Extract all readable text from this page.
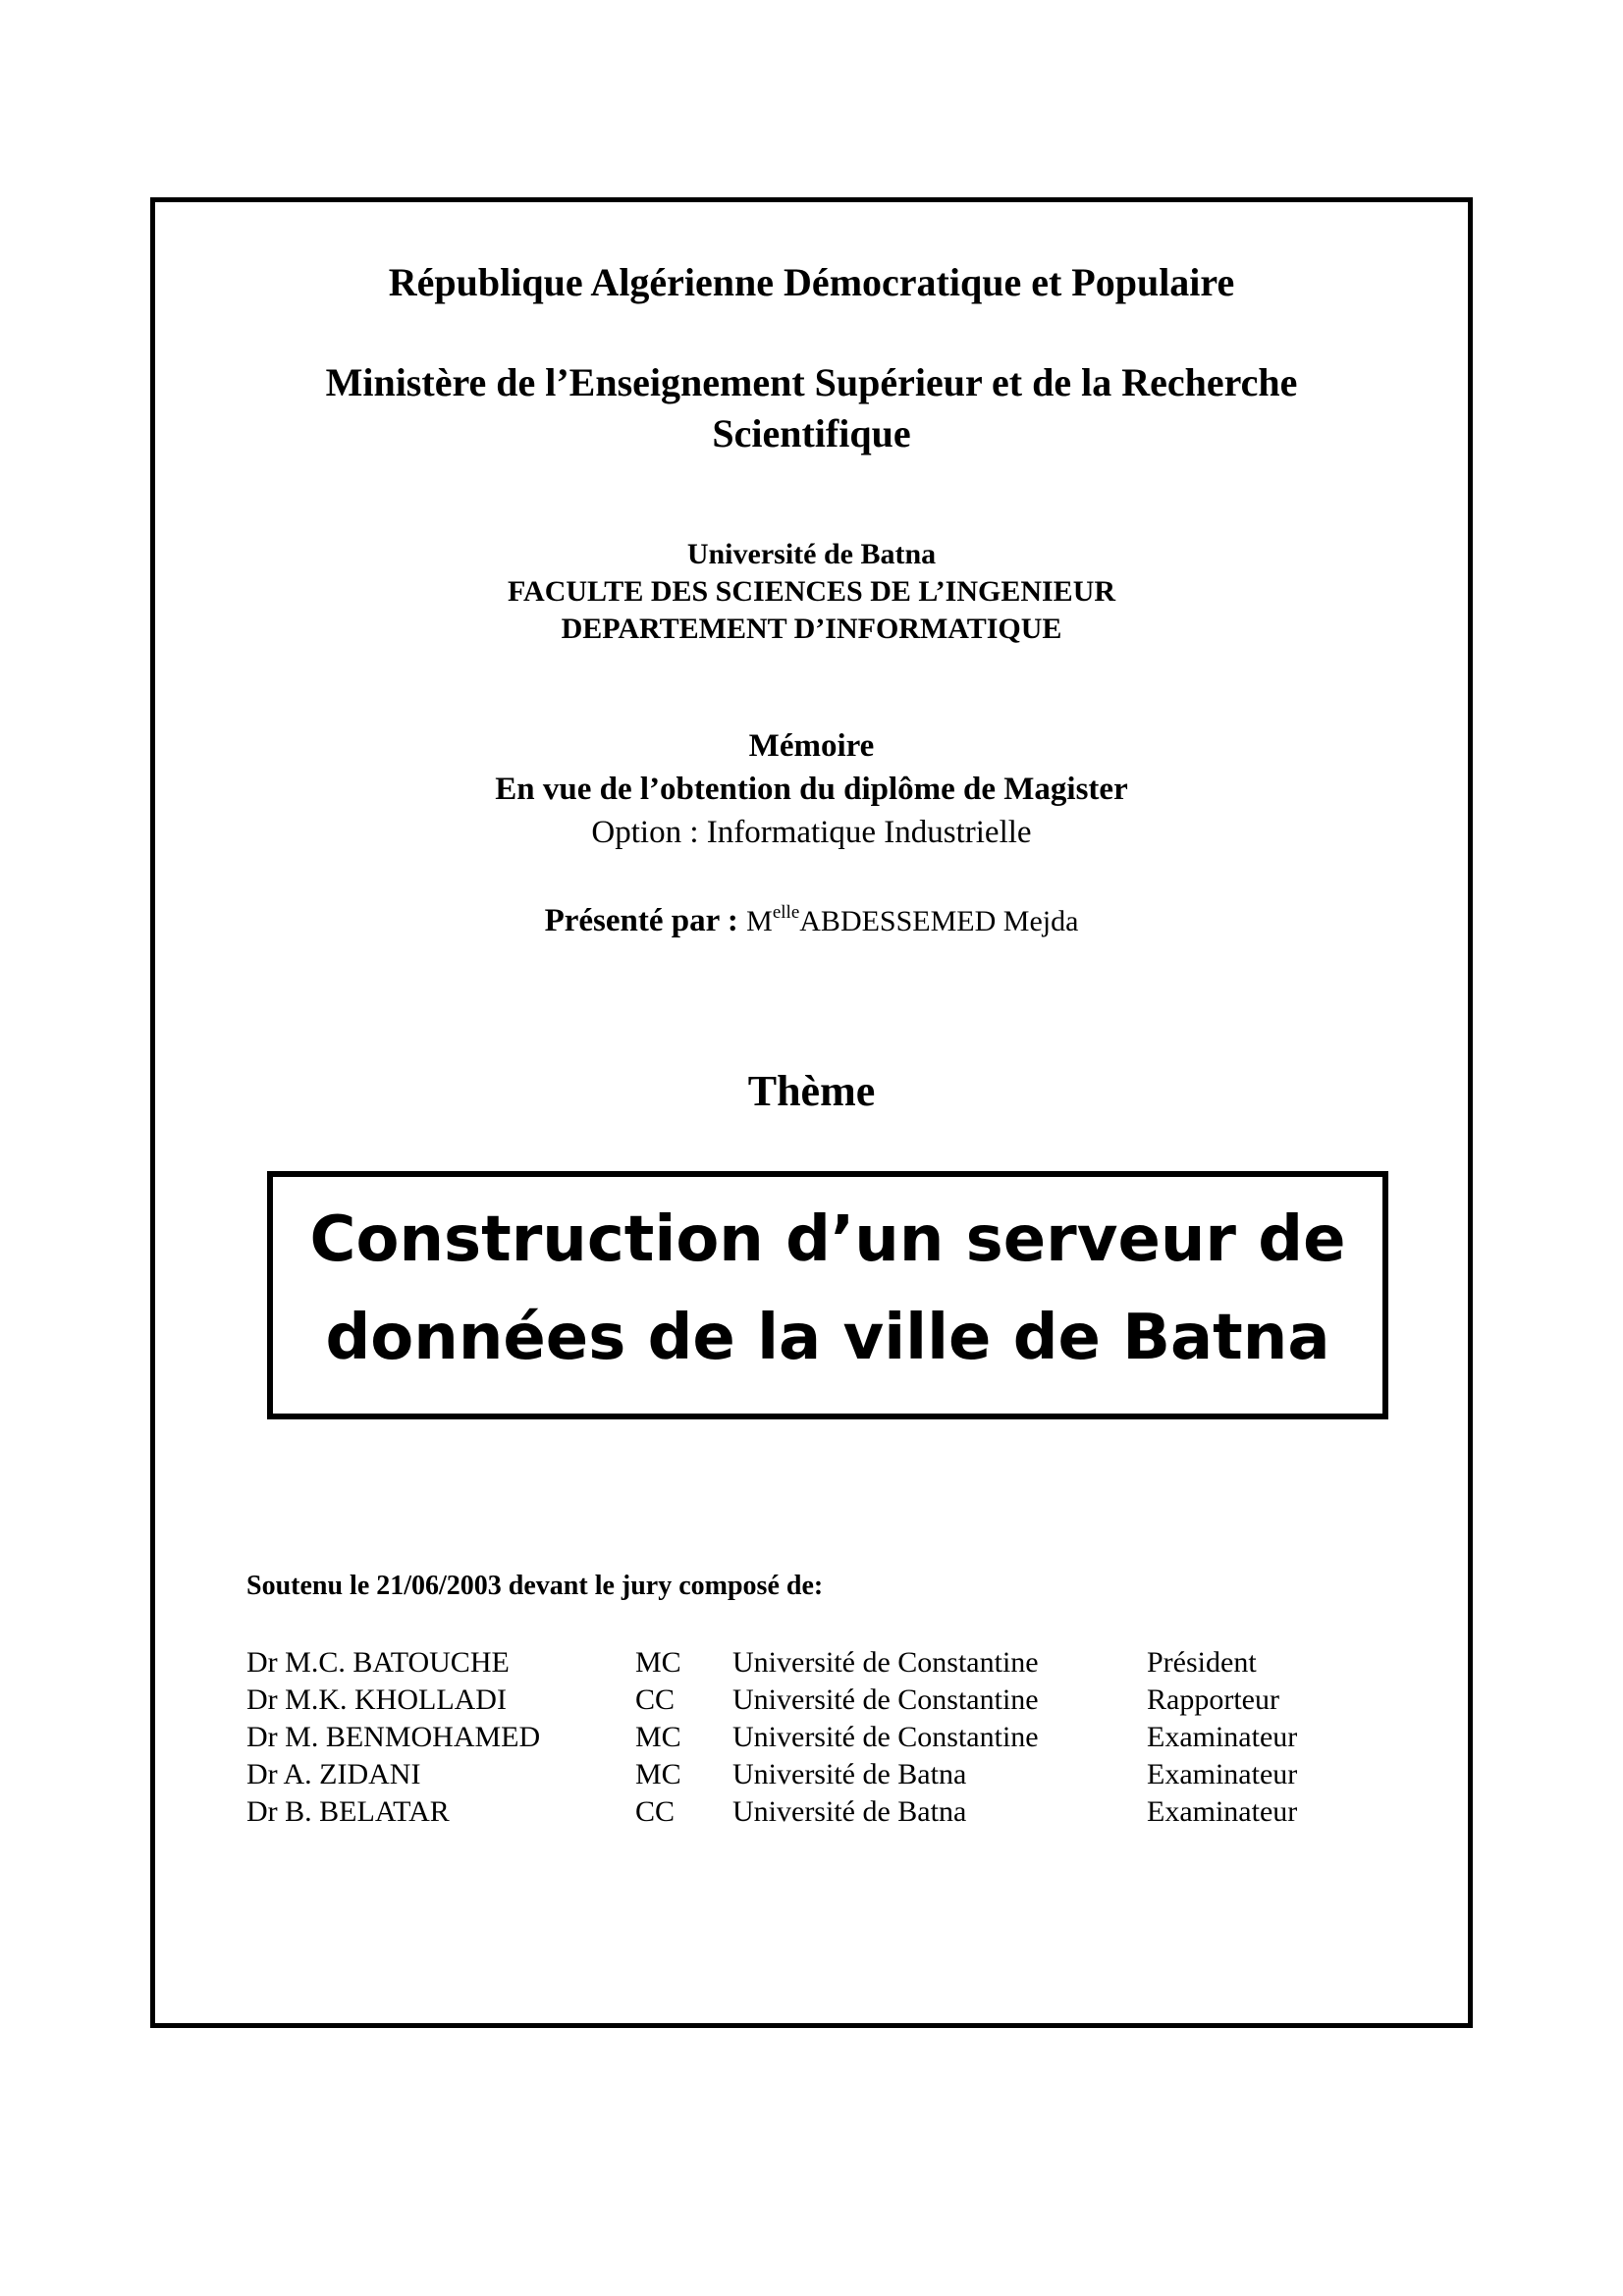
République Algérienne Démocratique et Populaire
Ministère de l’Enseignement Supérieur et de la Recherche
Scientifique
Université de Batna
FACULTE DES SCIENCES DE L’INGENIEUR
DEPARTEMENT D’INFORMATIQUE
Mémoire
En vue de l’obtention du diplôme de Magister
Option : Informatique Industrielle
Présenté par : $M^{elle}ABDESSEMED$ Mejda
Thème
Construction d’un serveur de
données de la ville de Batna
Soutenu le 21/06/2003 devant le jury composé de:
Dr M.C. BATOUCHE	MC Université de Constantine	Président
Dr M.K. KHOLLADI	CC Université de Constantine	Rapporteur
Dr M. BENMOHAMED	MC Université de Constantine	Examinateur
Dr A. ZIDANI	MC Université de Batna	Examinateur
Dr B. BELATAR	CC Université de Batna	Examinateur
